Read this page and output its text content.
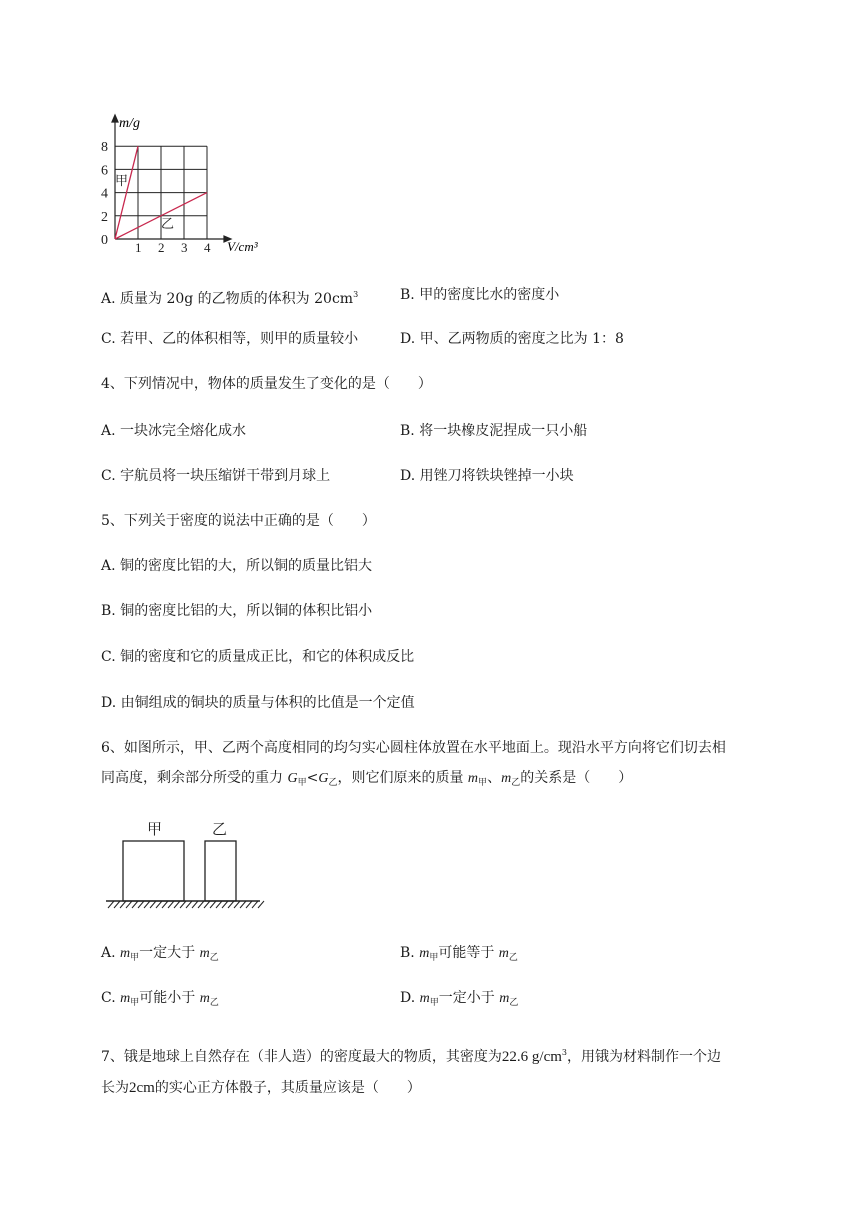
m/g
V/cm³
8
6
4
2
0 1 2 3 4
甲
乙
A. 质量为 20g 的乙物质的体积为 $20cm^3$	B. 甲的密度比水的密度小
C. 若甲、乙的体积相等，则甲的质量较小	D. 甲、乙两物质的密度之比为 1：8
4、下列情况中，物体的质量发生了变化的是（　　）
A. 一块冰完全熔化成水	B. 将一块橡皮泥捏成一只小船
C. 宇航员将一块压缩饼干带到月球上	D. 用锉刀将铁块锉掉一小块
5、下列关于密度的说法中正确的是（　　）
A. 铜的密度比铝的大，所以铜的质量比铝大
B. 铜的密度比铝的大，所以铜的体积比铝小
C. 铜的密度和它的质量成正比，和它的体积成反比
D. 由铜组成的铜块的质量与体积的比值是一个定值
6、如图所示，甲、乙两个高度相同的均匀实心圆柱体放置在水平地面上。现沿水平方向将它们切去相
同高度，剩余部分所受的重力 $G_甲<G_乙$，则它们原来的质量 $m_甲$、$m_乙$的关系是（　　）
甲	乙
A. $m_甲$一定大于 $m_乙$	B. $m_甲$可能等于 $m_乙$
C. $m_甲$可能小于 $m_乙$	D. $m_甲$一定小于 $m_乙$
7、锇是地球上自然存在（非人造）的密度最大的物质，其密度为22.6 $g/cm^3$，用锇为材料制作一个边
长为2cm的实心正方体骰子，其质量应该是（　　）
